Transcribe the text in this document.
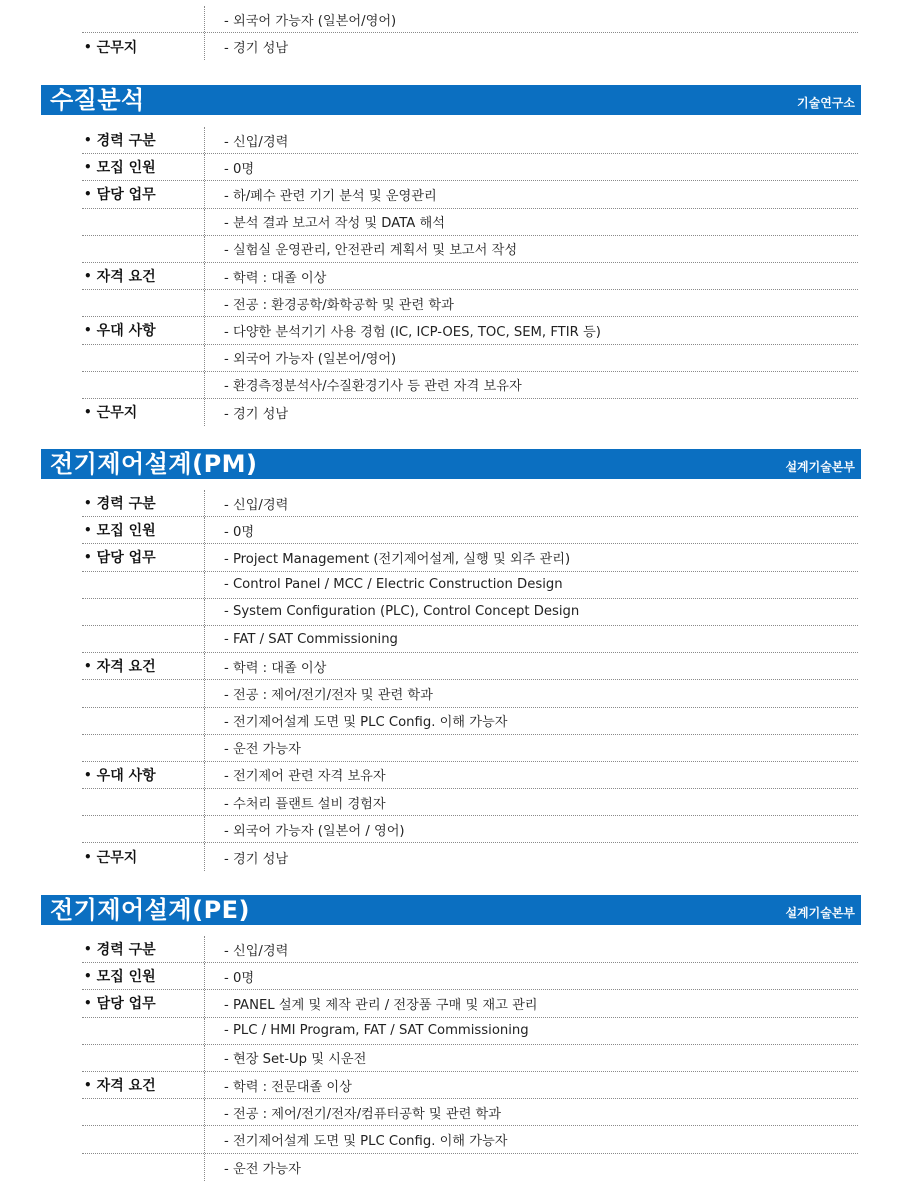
- 외국어 가능자 (일본어/영어)
• 근무지	- 경기 성남
수질분석	기술연구소
• 경력 구분	- 신입/경력
• 모집 인원	- 0명
• 담당 업무	- 하/폐수 관련 기기 분석 및 운영관리
- 분석 결과 보고서 작성 및 DATA 해석
- 실험실 운영관리, 안전관리 계획서 및 보고서 작성
• 자격 요건	- 학력 : 대졸 이상
- 전공 : 환경공학/화학공학 및 관련 학과
• 우대 사항	- 다양한 분석기기 사용 경험 (IC, ICP-OES, TOC, SEM, FTIR 등)
- 외국어 가능자 (일본어/영어)
- 환경측정분석사/수질환경기사 등 관련 자격 보유자
• 근무지	- 경기 성남
전기제어설계(PM)	설계기술본부
• 경력 구분	- 신입/경력
• 모집 인원	- 0명
• 담당 업무	- Project Management (전기제어설계, 실행 및 외주 관리)
- Control Panel / MCC / Electric Construction Design
- System Configuration (PLC), Control Concept Design
- FAT / SAT Commissioning
• 자격 요건	- 학력 : 대졸 이상
- 전공 : 제어/전기/전자 및 관련 학과
- 전기제어설계 도면 및 PLC Config. 이해 가능자
- 운전 가능자
• 우대 사항	- 전기제어 관련 자격 보유자
- 수처리 플랜트 설비 경험자
- 외국어 가능자 (일본어 / 영어)
• 근무지	- 경기 성남
전기제어설계(PE)	설계기술본부
• 경력 구분	- 신입/경력
• 모집 인원	- 0명
• 담당 업무	- PANEL 설계 및 제작 관리 / 전장품 구매 및 재고 관리
- PLC / HMI Program, FAT / SAT Commissioning
- 현장 Set-Up 및 시운전
• 자격 요건	- 학력 : 전문대졸 이상
- 전공 : 제어/전기/전자/컴퓨터공학 및 관련 학과
- 전기제어설계 도면 및 PLC Config. 이해 가능자
- 운전 가능자
